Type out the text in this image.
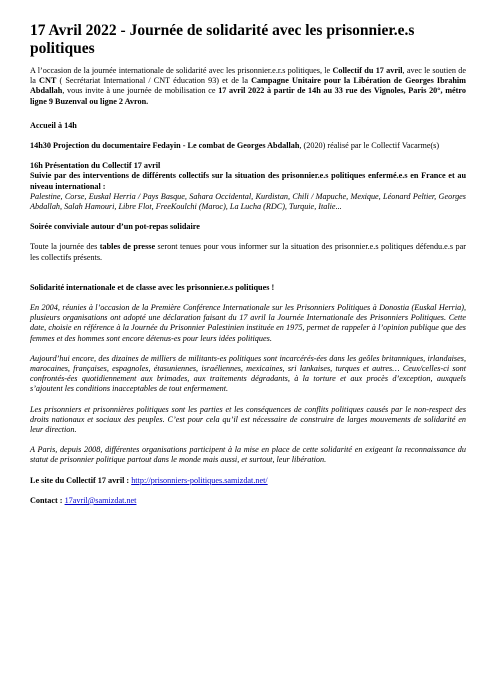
17 Avril 2022 - Journée de solidarité avec les prisonnier.e.s politiques

A l’occasion de la journée internationale de solidarité avec les prisonnier.e.r.s politiques, le Collectif du 17 avril, avec le soutien de la CNT ( Secrétariat International / CNT éducation 93) et de la Campagne Unitaire pour la Libération de Georges Ibrahim Abdallah, vous invite à une journée de mobilisation ce 17 avril 2022 à partir de 14h au 33 rue des Vignoles, Paris 20°, métro ligne 9 Buzenval ou ligne 2 Avron.

Accueil à 14h

14h30 Projection du documentaire Fedayin - Le combat de Georges Abdallah, (2020) réalisé par le Collectif Vacarme(s)

16h Présentation du Collectif 17 avril

Suivie par des interventions de différents collectifs sur la situation des prisonnier.e.s politiques enfermé.e.s en France et au niveau international :

Palestine, Corse, Euskal Herria / Pays Basque, Sahara Occidental, Kurdistan, Chili / Mapuche, Mexique, Léonard Peltier, Georges Abdallah, Salah Hamouri, Libre Flot, FreeKoulchi (Maroc), La Lucha (RDC), Turquie, Italie...

Soirée conviviale autour d’un pot-repas solidaire

Toute la journée des tables de presse seront tenues pour vous informer sur la situation des prisonnier.e.s politiques défendu.e.s par les collectifs présents.

Solidarité internationale et de classe avec les prisonnier.e.s politiques !

En 2004, réunies à l’occasion de la Première Conférence Internationale sur les Prisonniers Politiques à Donostia (Euskal Herria), plusieurs organisations ont adopté une déclaration faisant du 17 avril la Journée Internationale des Prisonniers Politiques. Cette date, choisie en référence à la Journée du Prisonnier Palestinien instituée en 1975, permet de rappeler à l’opinion publique que des femmes et des hommes sont encore détenus-es pour leurs idées politiques.

Aujourd’hui encore, des dizaines de milliers de militants-es politiques sont incarcérés-ées dans les geôles britanniques, irlandaises, marocaines, françaises, espagnoles, étasuniennes, israéliennes, mexicaines, sri lankaises, turques et autres… Ceux/celles-ci sont confrontés-ées quotidiennement aux brimades, aux traitements dégradants, à la torture et aux procès d’exception, auxquels s’ajoutent les conditions inacceptables de tout enfermement.

Les prisonniers et prisonnières politiques sont les parties et les conséquences de conflits politiques causés par le non-respect des droits nationaux et sociaux des peuples. C’est pour cela qu’il est nécessaire de construire de larges mouvements de solidarité en leur direction.

A Paris, depuis 2008, différentes organisations participent à la mise en place de cette solidarité en exigeant la reconnaissance du statut de prisonnier politique partout dans le monde mais aussi, et surtout, leur libération.

Le site du Collectif 17 avril : http://prisonniers-politiques.samizdat.net/

Contact : 17avril@samizdat.net
